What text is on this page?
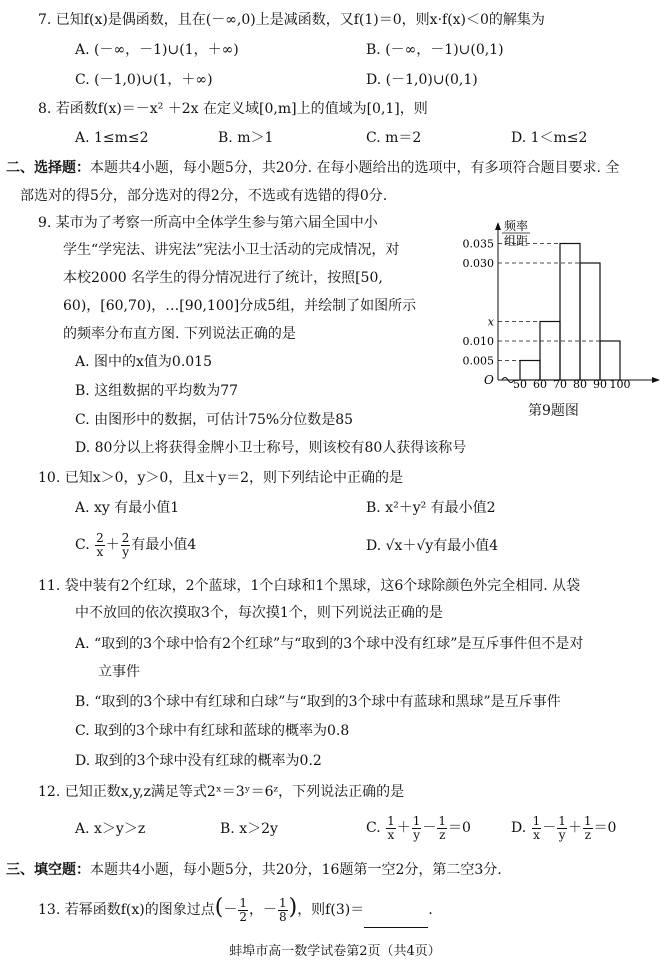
7. 已知f(x)是偶函数，且在(－∞,0)上是减函数，又f(1)＝0，则x·f(x)＜0的解集为
A. (－∞，－1)∪(1，＋∞)	B. (－∞，－1)∪(0,1)
C. (－1,0)∪(1，＋∞)	D. (－1,0)∪(0,1)
8. 若函数f(x)＝－x² ＋2x 在定义域[0,m]上的值域为[0,1]，则
A. 1≤m≤2	B. m＞1	C. m＝2	D. 1＜m≤2
二、选择题：本题共4小题，每小题5分，共20分. 在每小题给出的选项中，有多项符合题目要求. 全
部选对的得5分，部分选对的得2分，不选或有选错的得0分.
9. 某市为了考察一所高中全体学生参与第六届全国中小
学生“学宪法、讲宪法”宪法小卫士活动的完成情况，对
本校2000 名学生的得分情况进行了统计，按照[50,
60)，[60,70)，…[90,100]分成5组，并绘制了如图所示
的频率分布直方图. 下列说法正确的是
A. 图中的x值为0.015
B. 这组数据的平均数为77
C. 由图形中的数据，可估计75%分位数是85
D. 80分以上将获得金牌小卫士称号，则该校有80人获得该称号
频率
组距
O
0.035
0.030
x
0.010
0.005
50 60 70 80 90 100
第9题图
10. 已知x＞0，y＞0，且x＋y＝2，则下列结论中正确的是
A. xy 有最小值1	B. x²＋y² 有最小值2
C. $\frac{2}{x} + \frac{2}{y}$ 有最小值4	D. √x＋√y有最小值4
11. 袋中装有2个红球，2个蓝球，1个白球和1个黑球，这6个球除颜色外完全相同. 从袋
中不放回的依次摸取3个，每次摸1个，则下列说法正确的是
A. “取到的3个球中恰有2个红球”与“取到的3个球中没有红球”是互斥事件但不是对
立事件
B. “取到的3个球中有红球和白球”与“取到的3个球中有蓝球和黑球”是互斥事件
C. 取到的3个球中有红球和蓝球的概率为0.8
D. 取到的3个球中没有红球的概率为0.2
12. 已知正数x,y,z满足等式2ˣ＝3ʸ＝6ᶻ，下列说法正确的是
A. x＞y＞z	B. x＞2y	C. $\frac{1}{x} + \frac{1}{y} - \frac{1}{z} =0$	D. $\frac{1}{x} - \frac{1}{y} + \frac{1}{z} =0$
三、填空题：本题共4小题，每小题5分，共20分，16题第一空2分，第二空3分.
13. 若幂函数f(x)的图象过点(－ $\frac{1}{2}$ ，－ $\frac{1}{8}$ )，则f(3)＝	.
蚌埠市高一数学试卷第2页（共4页）
